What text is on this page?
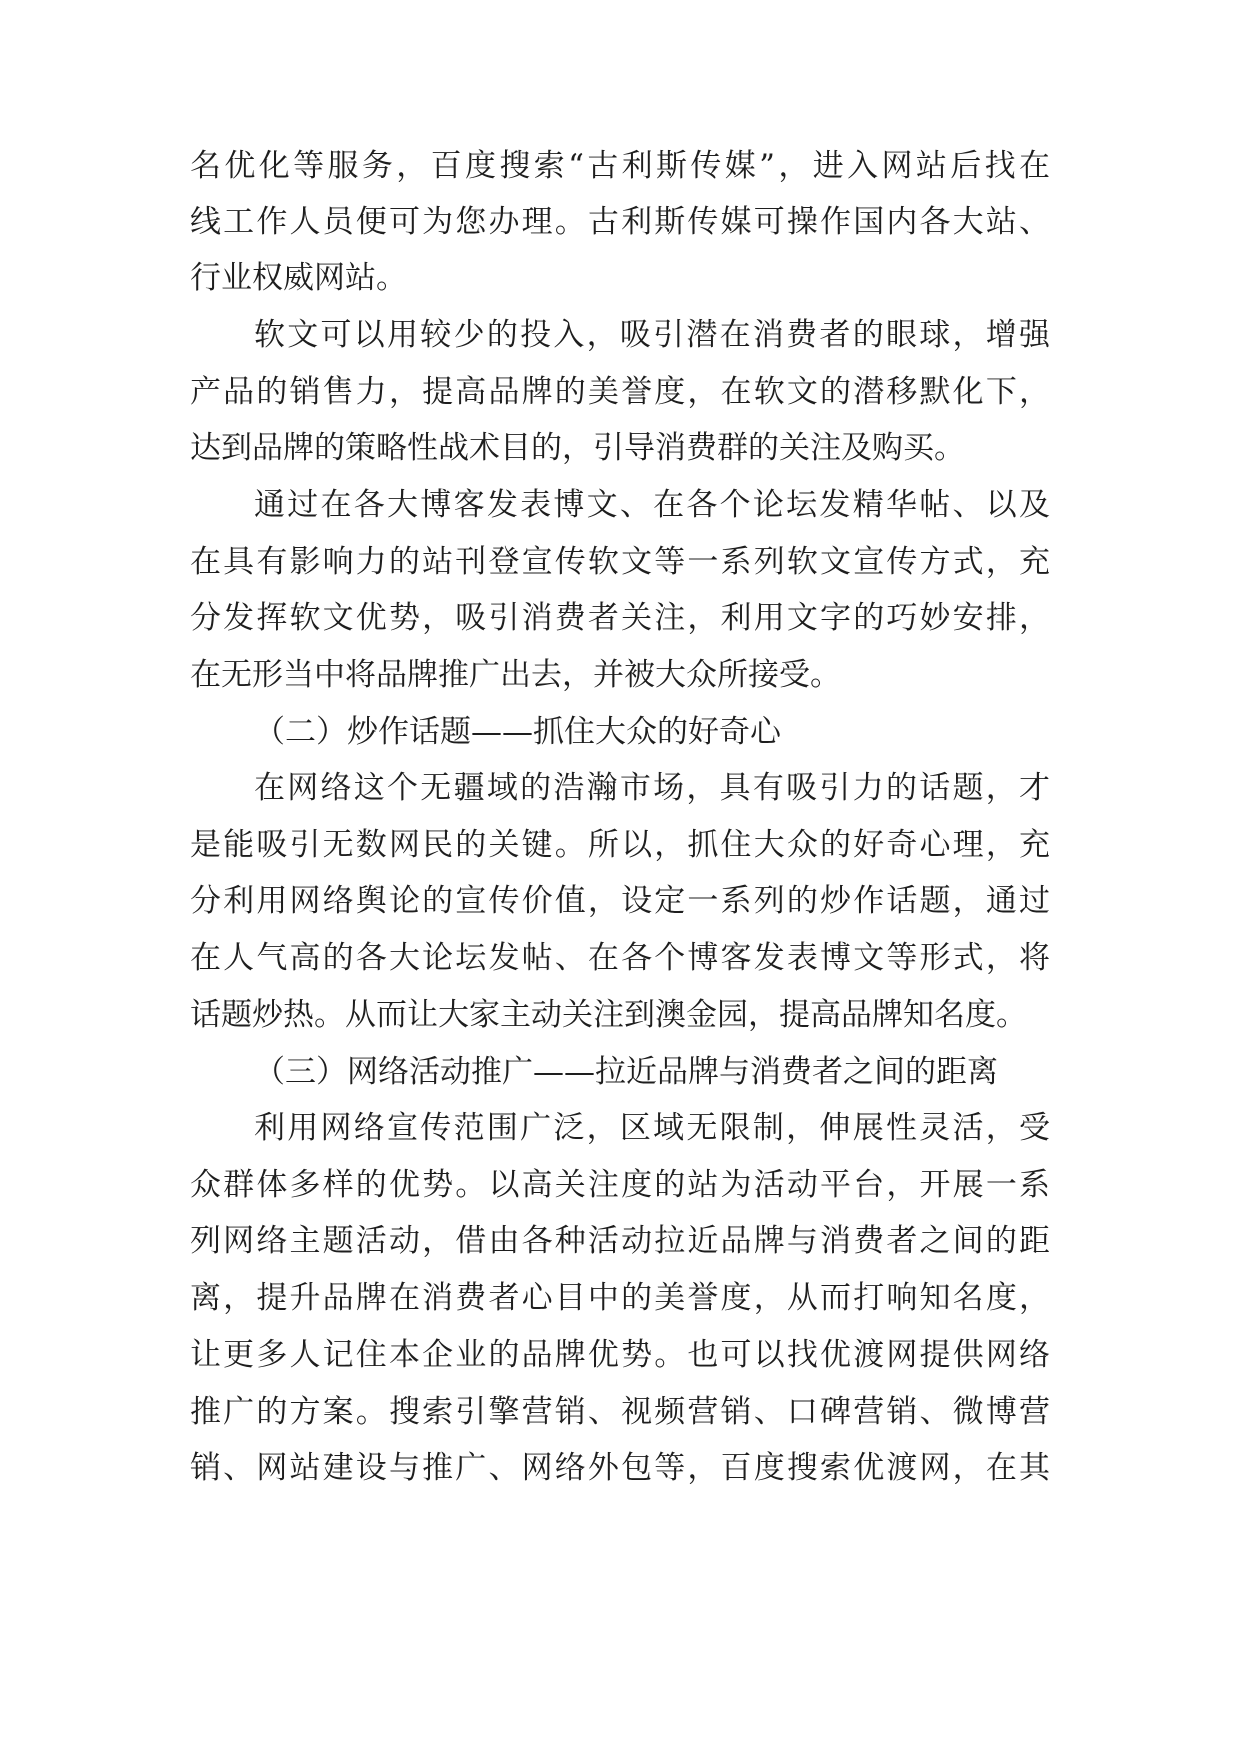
名优化等服务，百度搜索“古利斯传媒”，进入网站后找在
线工作人员便可为您办理。古利斯传媒可操作国内各大站、
行业权威网站。
软文可以用较少的投入，吸引潜在消费者的眼球，增强
产品的销售力，提高品牌的美誉度，在软文的潜移默化下，
达到品牌的策略性战术目的，引导消费群的关注及购买。
通过在各大博客发表博文、在各个论坛发精华帖、以及
在具有影响力的站刊登宣传软文等一系列软文宣传方式，充
分发挥软文优势，吸引消费者关注，利用文字的巧妙安排，
在无形当中将品牌推广出去，并被大众所接受。
（二）炒作话题——抓住大众的好奇心
在网络这个无疆域的浩瀚市场，具有吸引力的话题，才
是能吸引无数网民的关键。所以，抓住大众的好奇心理，充
分利用网络舆论的宣传价值，设定一系列的炒作话题，通过
在人气高的各大论坛发帖、在各个博客发表博文等形式，将
话题炒热。从而让大家主动关注到澳金园，提高品牌知名度。
（三）网络活动推广——拉近品牌与消费者之间的距离
利用网络宣传范围广泛，区域无限制，伸展性灵活，受
众群体多样的优势。以高关注度的站为活动平台，开展一系
列网络主题活动，借由各种活动拉近品牌与消费者之间的距
离，提升品牌在消费者心目中的美誉度，从而打响知名度，
让更多人记住本企业的品牌优势。也可以找优渡网提供网络
推广的方案。搜索引擎营销、视频营销、口碑营销、微博营
销、网站建设与推广、网络外包等，百度搜索优渡网，在其
